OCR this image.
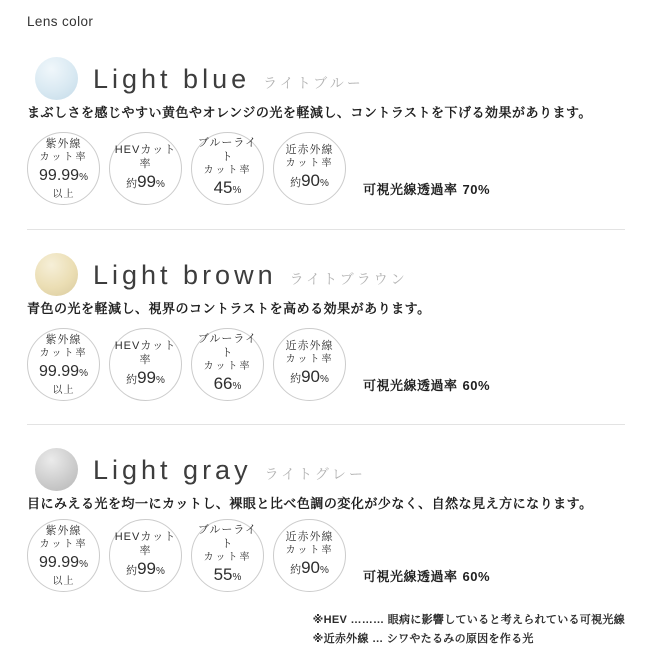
Lens color
Light blue ライトブルー

まぶしさを感じやすい黄色やオレンジの光を軽減し、コントラストを下げる効果があります。

紫外線
カット率
99.99%
以上
HEVカット率
約99%
ブルーライト
カット率
45%
近赤外線
カット率
約90%	可視光線透過率 70%
Light brown ライトブラウン

青色の光を軽減し、視界のコントラストを高める効果があります。

紫外線
カット率
99.99%
以上
HEVカット率
約99%
ブルーライト
カット率
66%
近赤外線
カット率
約90%	可視光線透過率 60%
Light gray ライトグレー

目にみえる光を均一にカットし、裸眼と比べ色調の変化が少なく、自然な見え方になります。

紫外線
カット率
99.99%
以上
HEVカット率
約99%
ブルーライト
カット率
55%
近赤外線
カット率
約90%	可視光線透過率 60%
※HEV ……… 眼病に影響していると考えられている可視光線
※近赤外線 … シワやたるみの原因を作る光
